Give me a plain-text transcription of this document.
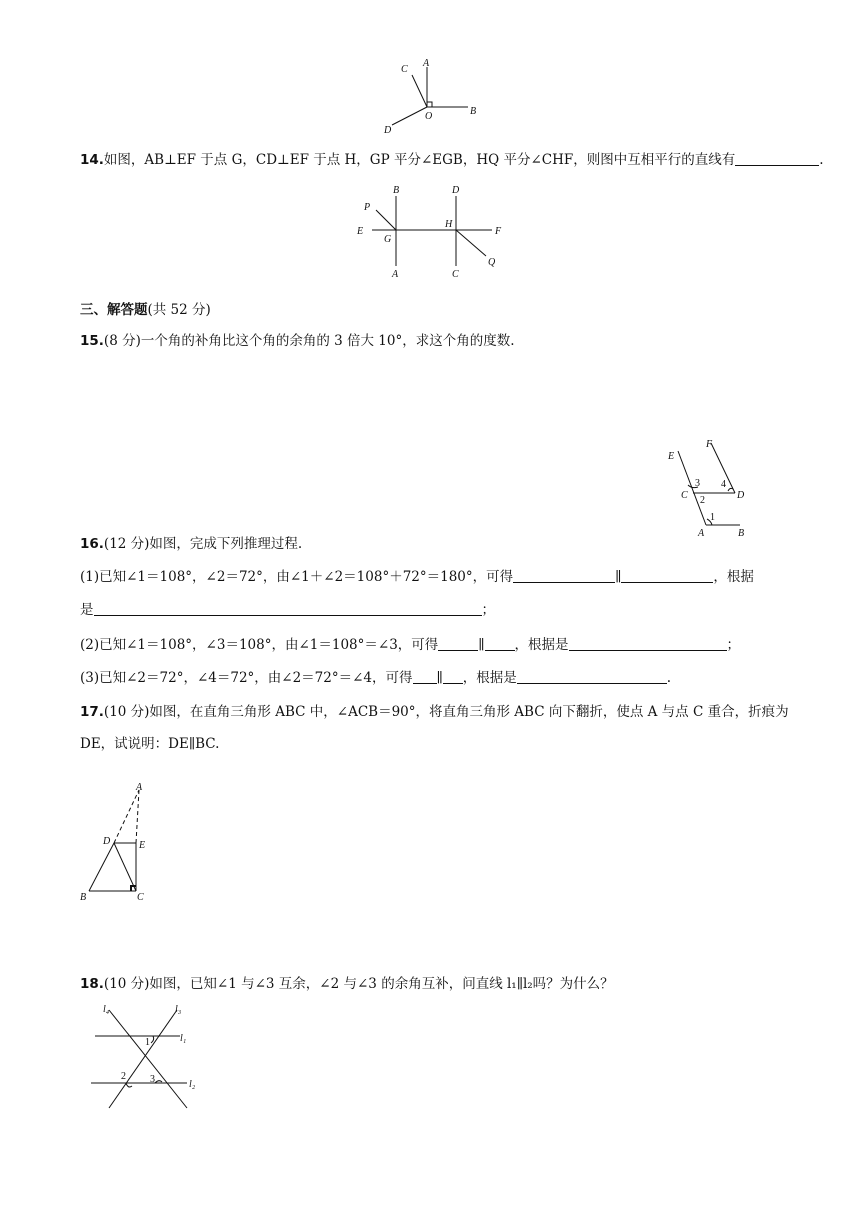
A
C
B
O
D
14.如图，AB⊥EF 于点 G，CD⊥EF 于点 H，GP 平分∠EGB，HQ 平分∠CHF，则图中互相平行的直线有	.
B	D
P
E
G
H
F
Q
A	C
三、解答题(共 52 分)
15.(8 分)一个角的补角比这个角的余角的 3 倍大 10°，求这个角的度数.
E
F
C	D
A	B
3 4
2
1
16.(12 分)如图，完成下列推理过程.
(1)已知∠1＝108°，∠2＝72°，由∠1＋∠2＝108°＋72°＝180°，可得	∥	，根据
是	；
(2)已知∠1＝108°，∠3＝108°，由∠1＝108°＝∠3，可得	∥ ，根据是	；
(3)已知∠2＝72°，∠4＝72°，由∠2＝72°＝∠4，可得 ∥ ，根据是	.
17.(10 分)如图，在直角三角形 ABC 中，∠ACB＝90°，将直角三角形 ABC 向下翻折，使点 A 与点 C 重合，折痕为
DE，试说明：DE∥BC.
A
D	E
B	C
18.(10 分)如图，已知∠1 与∠3 互余，∠2 与∠3 的余角互补，问直线 l₁∥l₂吗？为什么？
l₄	l₃
l₁
l₂
1
2 3
